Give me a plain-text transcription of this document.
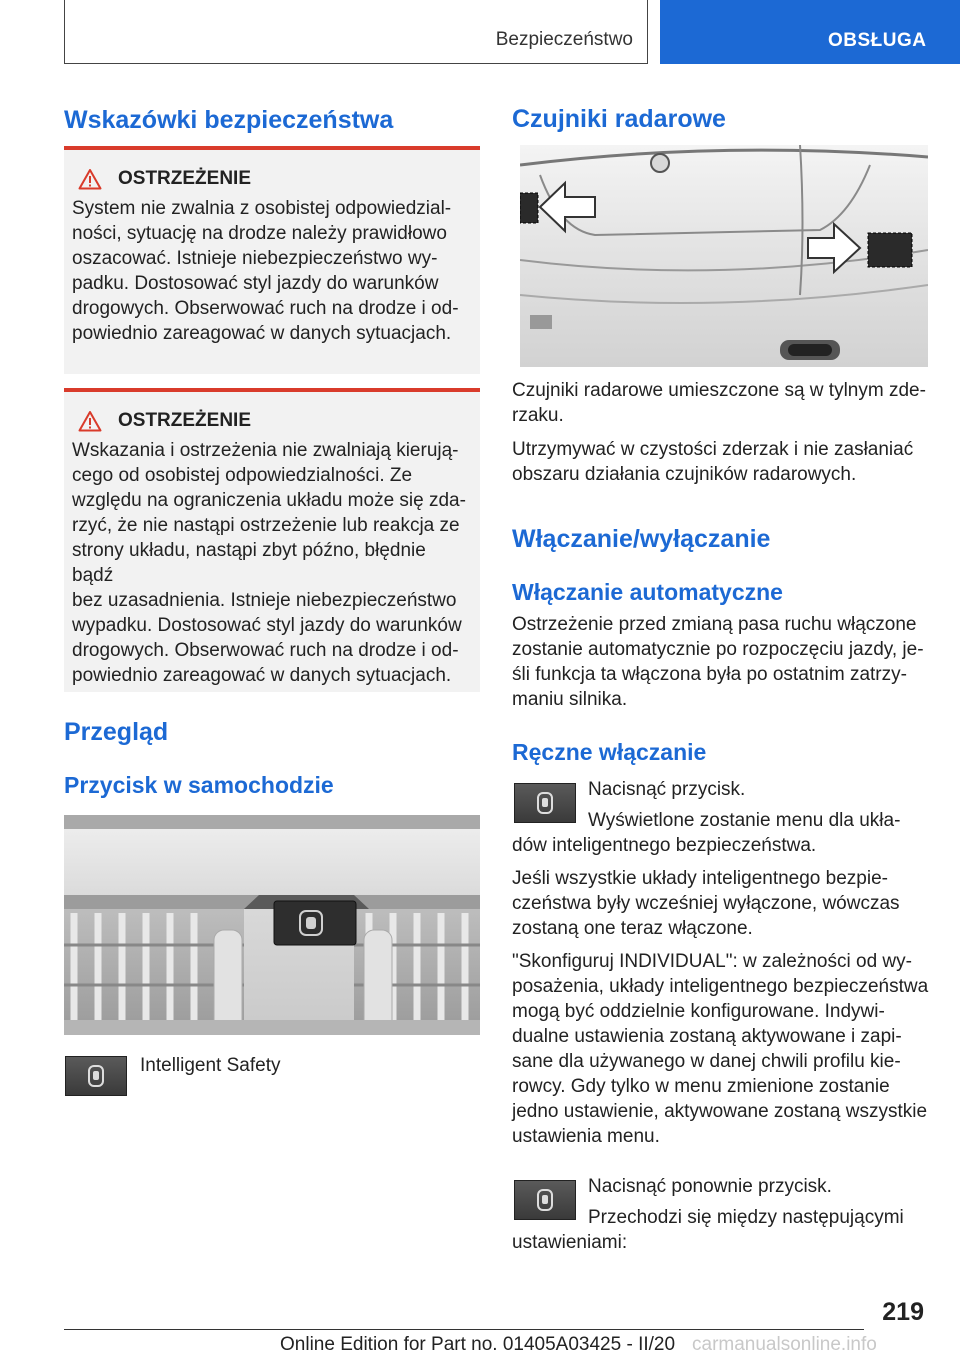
Bezpieczeństwo	OBSŁUGA
Wskazówki bezpieczeństwa
OSTRZEŻENIE

System nie zwalnia z osobistej odpowiedzial-

ności, sytuację na drodze należy prawidłowo

oszacować. Istnieje niebezpieczeństwo wy-

padku. Dostosować styl jazdy do warunków

drogowych. Obserwować ruch na drodze i od-

powiednio zareagować w danych sytuacjach.

OSTRZEŻENIE

Wskazania i ostrzeżenia nie zwalniają kierują-

cego od osobistej odpowiedzialności. Ze

względu na ograniczenia układu może się zda-

rzyć, że nie nastąpi ostrzeżenie lub reakcja ze

strony układu, nastąpi zbyt późno, błędnie bądź

bez uzasadnienia. Istnieje niebezpieczeństwo

wypadku. Dostosować styl jazdy do warunków

drogowych. Obserwować ruch na drodze i od-

powiednio zareagować w danych sytuacjach.

Przegląd
Przycisk w samochodzie
Intelligent Safety
Czujniki radarowe

Czujniki radarowe umieszczone są w tylnym zde-

rzaku.

Utrzymywać w czystości zderzak i nie zasłaniać

obszaru działania czujników radarowych.

Włączanie/wyłączanie
Włączanie automatyczne

Ostrzeżenie przed zmianą pasa ruchu włączone

zostanie automatycznie po rozpoczęciu jazdy, je-

śli funkcja ta włączona była po ostatnim zatrzy-

maniu silnika.

Ręczne włączanie
Nacisnąć przycisk.
Wyświetlone zostanie menu dla ukła-
dów inteligentnego bezpieczeństwa.

Jeśli wszystkie układy inteligentnego bezpie-

czeństwa były wcześniej wyłączone, wówczas

zostaną one teraz włączone.

"Skonfiguruj INDIVIDUAL": w zależności od wy-

posażenia, układy inteligentnego bezpieczeństwa

mogą być oddzielnie konfigurowane. Indywi-

dualne ustawienia zostaną aktywowane i zapi-

sane dla używanego w danej chwili profilu kie-

rowcy. Gdy tylko w menu zmienione zostanie

jedno ustawienie, aktywowane zostaną wszystkie

ustawienia menu.

Nacisnąć ponownie przycisk.
Przechodzi się między następującymi
ustawieniami:
219
Online Edition for Part no. 01405A03425 - II/20 carmanualsonline.info
